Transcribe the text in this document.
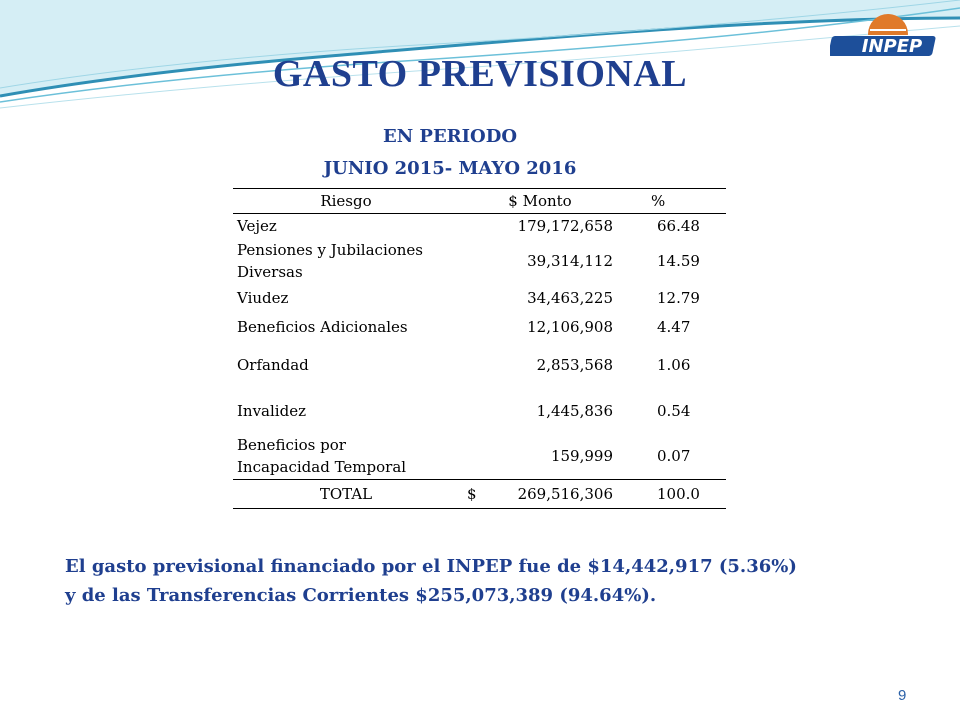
INPEP
GASTO PREVISIONAL
EN PERIODO
JUNIO 2015- MAYO 2016
Riesgo	$ Monto	%

Vejez	179,172,658	66.48

Pensiones y Jubilaciones
Diversas	39,314,112	14.59

Viudez	34,463,225	12.79

Beneficios Adicionales	12,106,908	4.47

Orfandad	2,853,568	1.06

Invalidez	1,445,836	0.54

Beneficios por
Incapacidad Temporal	159,999	0.07
TOTAL	$ 269,516,306	100.0
El gasto previsional financiado por el INPEP fue de $14,442,917 (5.36%)
y de las Transferencias Corrientes $255,073,389 (94.64%).
9
